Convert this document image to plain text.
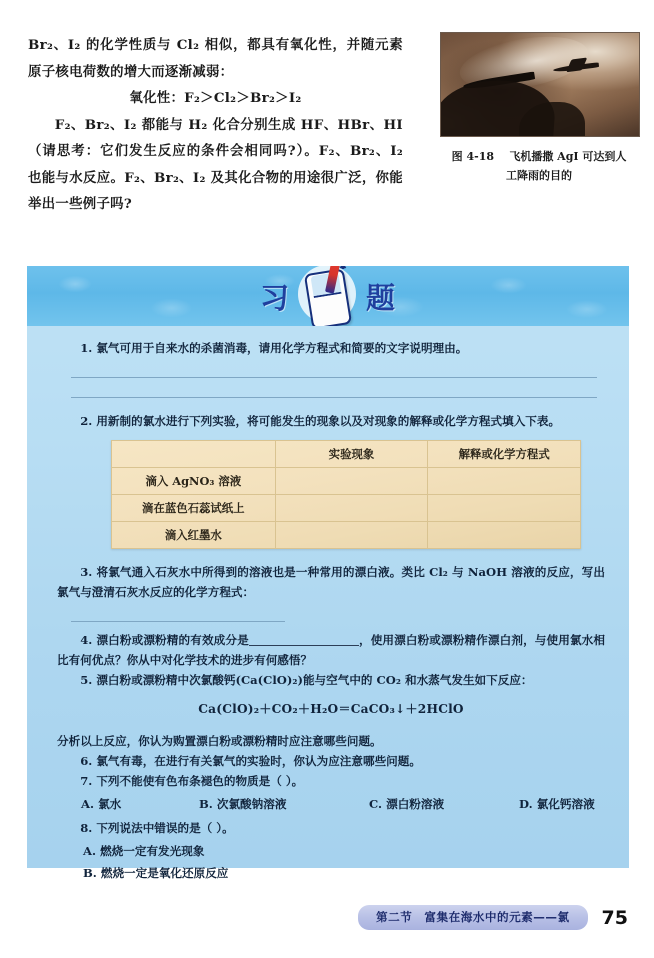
Br₂、I₂ 的化学性质与 Cl₂ 相似，都具有氧化性，并随元素原子核电荷数的增大而逐渐减弱：

氧化性：F₂＞Cl₂＞Br₂＞I₂

F₂、Br₂、I₂ 都能与 H₂ 化合分别生成 HF、HBr、HI（请思考：它们发生反应的条件会相同吗?）。F₂、Br₂、I₂ 也能与水反应。F₂、Br₂、I₂ 及其化合物的用途很广泛，你能举出一些例子吗?

图 4-18 飞机播撒 AgI 可达到人
工降雨的目的
习	题

1. 氯气可用于自来水的杀菌消毒，请用化学方程式和简要的文字说明理由。

2. 用新制的氯水进行下列实验，将可能发生的现象以及对现象的解释或化学方程式填入下表。

	实验现象	解释或化学方程式
滴入 AgNO₃ 溶液		
滴在蓝色石蕊试纸上		
滴入红墨水		

3. 将氯气通入石灰水中所得到的溶液也是一种常用的漂白液。类比 Cl₂ 与 NaOH 溶液的反应，写出氯气与澄清石灰水反应的化学方程式：

4. 漂白粉或漂粉精的有效成分是	，使用漂白粉或漂粉精作漂白剂，与使用氯水相比有何优点？你从中对化学技术的进步有何感悟？

5. 漂白粉或漂粉精中次氯酸钙(Ca(ClO)₂)能与空气中的 CO₂ 和水蒸气发生如下反应：

Ca(ClO)₂＋CO₂＋H₂O＝CaCO₃↓＋2HClO

分析以上反应，你认为购置漂白粉或漂粉精时应注意哪些问题。

6. 氯气有毒，在进行有关氯气的实验时，你认为应注意哪些问题。

7. 下列不能使有色布条褪色的物质是（ ）。

A. 氯水	B. 次氯酸钠溶液	C. 漂白粉溶液	D. 氯化钙溶液

8. 下列说法中错误的是（ ）。

A. 燃烧一定有发光现象
B. 燃烧一定是氧化还原反应
第二节　富集在海水中的元素——氯	75
